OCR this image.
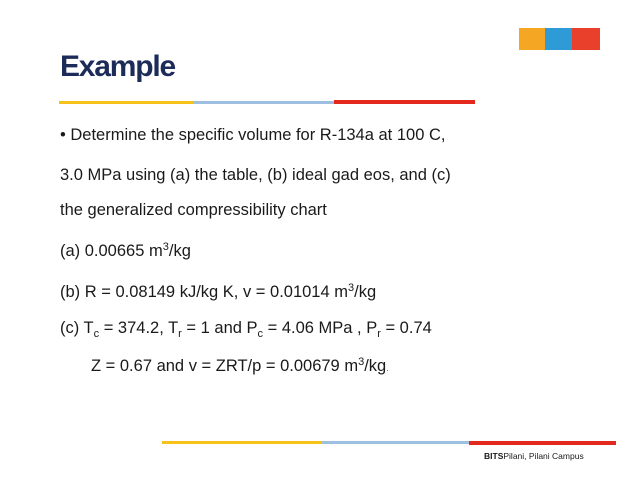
Example
• Determine the specific volume for R-134a at 100 C,
3.0 MPa using (a) the table, (b) ideal gad eos, and (c)
the generalized compressibility chart
(a) 0.00665 $m^3/kg$
(b) R = 0.08149 kJ/kg K, v = 0.01014 $m^3/kg$
(c) $T_c = 374.2$, $T_r = 1$ and $P_c = 4.06$ MPa , $P_r = 0.74$
Z = 0.67 and v = ZRT/p = 0.00679 $m^3/kg$.
BITSPilani, Pilani Campus
